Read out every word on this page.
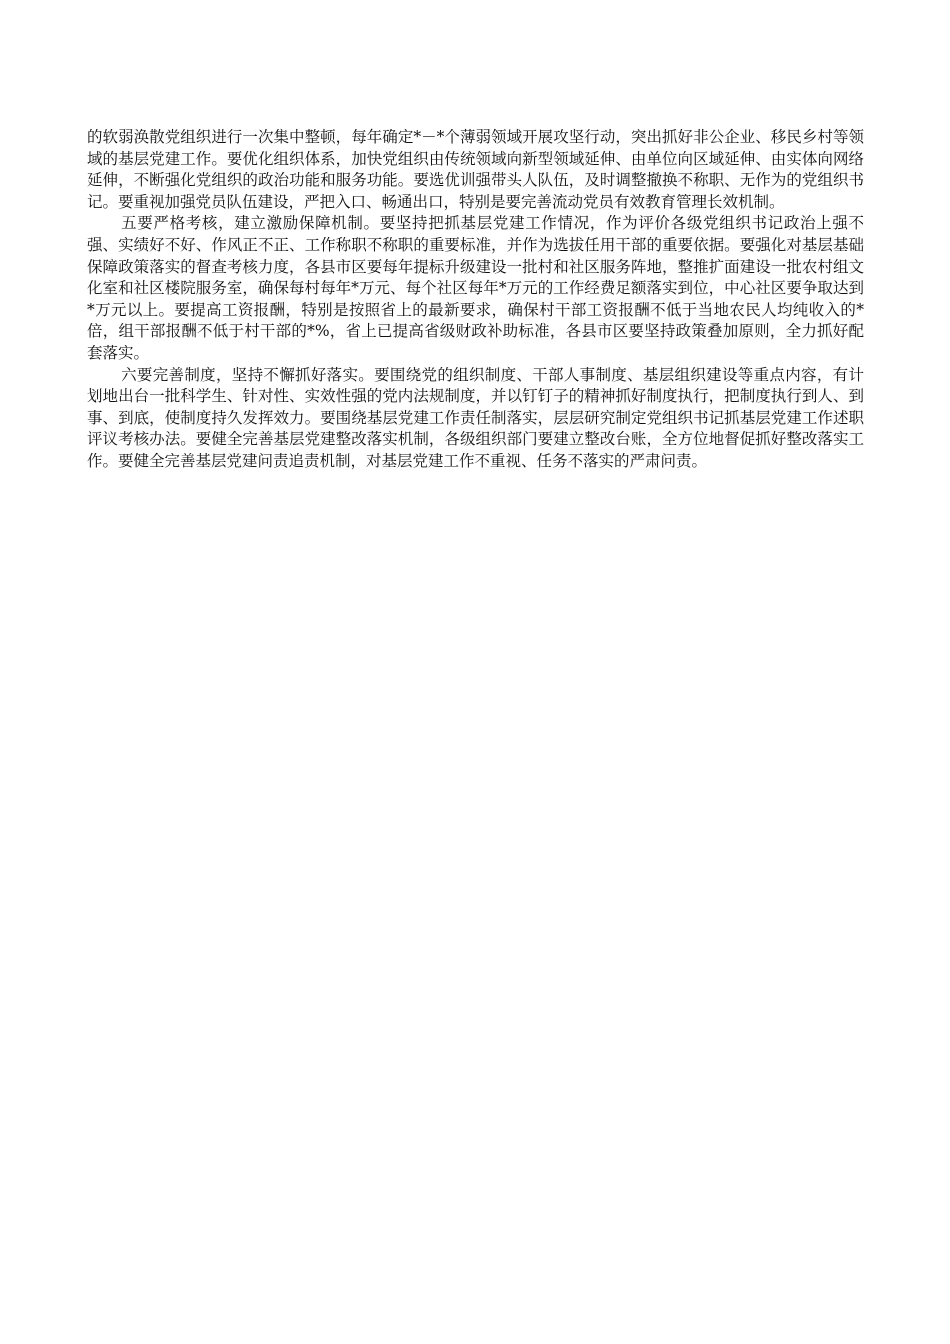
的软弱涣散党组织进行一次集中整顿，每年确定*－*个薄弱领域开展攻坚行动，突出抓好非公企业、移民乡村等领域的基层党建工作。要优化组织体系，加快党组织由传统领域向新型领域延伸、由单位向区域延伸、由实体向网络延伸，不断强化党组织的政治功能和服务功能。要选优训强带头人队伍，及时调整撤换不称职、无作为的党组织书记。要重视加强党员队伍建设，严把入口、畅通出口，特别是要完善流动党员有效教育管理长效机制。

五要严格考核，建立激励保障机制。要坚持把抓基层党建工作情况，作为评价各级党组织书记政治上强不强、实绩好不好、作风正不正、工作称职不称职的重要标准，并作为选拔任用干部的重要依据。要强化对基层基础保障政策落实的督查考核力度，各县市区要每年提标升级建设一批村和社区服务阵地，整推扩面建设一批农村组文化室和社区楼院服务室，确保每村每年*万元、每个社区每年*万元的工作经费足额落实到位，中心社区要争取达到*万元以上。要提高工资报酬，特别是按照省上的最新要求，确保村干部工资报酬不低于当地农民人均纯收入的*倍，组干部报酬不低于村干部的*%，省上已提高省级财政补助标准，各县市区要坚持政策叠加原则，全力抓好配套落实。

六要完善制度，坚持不懈抓好落实。要围绕党的组织制度、干部人事制度、基层组织建设等重点内容，有计划地出台一批科学生、针对性、实效性强的党内法规制度，并以钉钉子的精神抓好制度执行，把制度执行到人、到事、到底，使制度持久发挥效力。要围绕基层党建工作责任制落实，层层研究制定党组织书记抓基层党建工作述职评议考核办法。要健全完善基层党建整改落实机制，各级组织部门要建立整改台账，全方位地督促抓好整改落实工作。要健全完善基层党建问责追责机制，对基层党建工作不重视、任务不落实的严肃问责。
